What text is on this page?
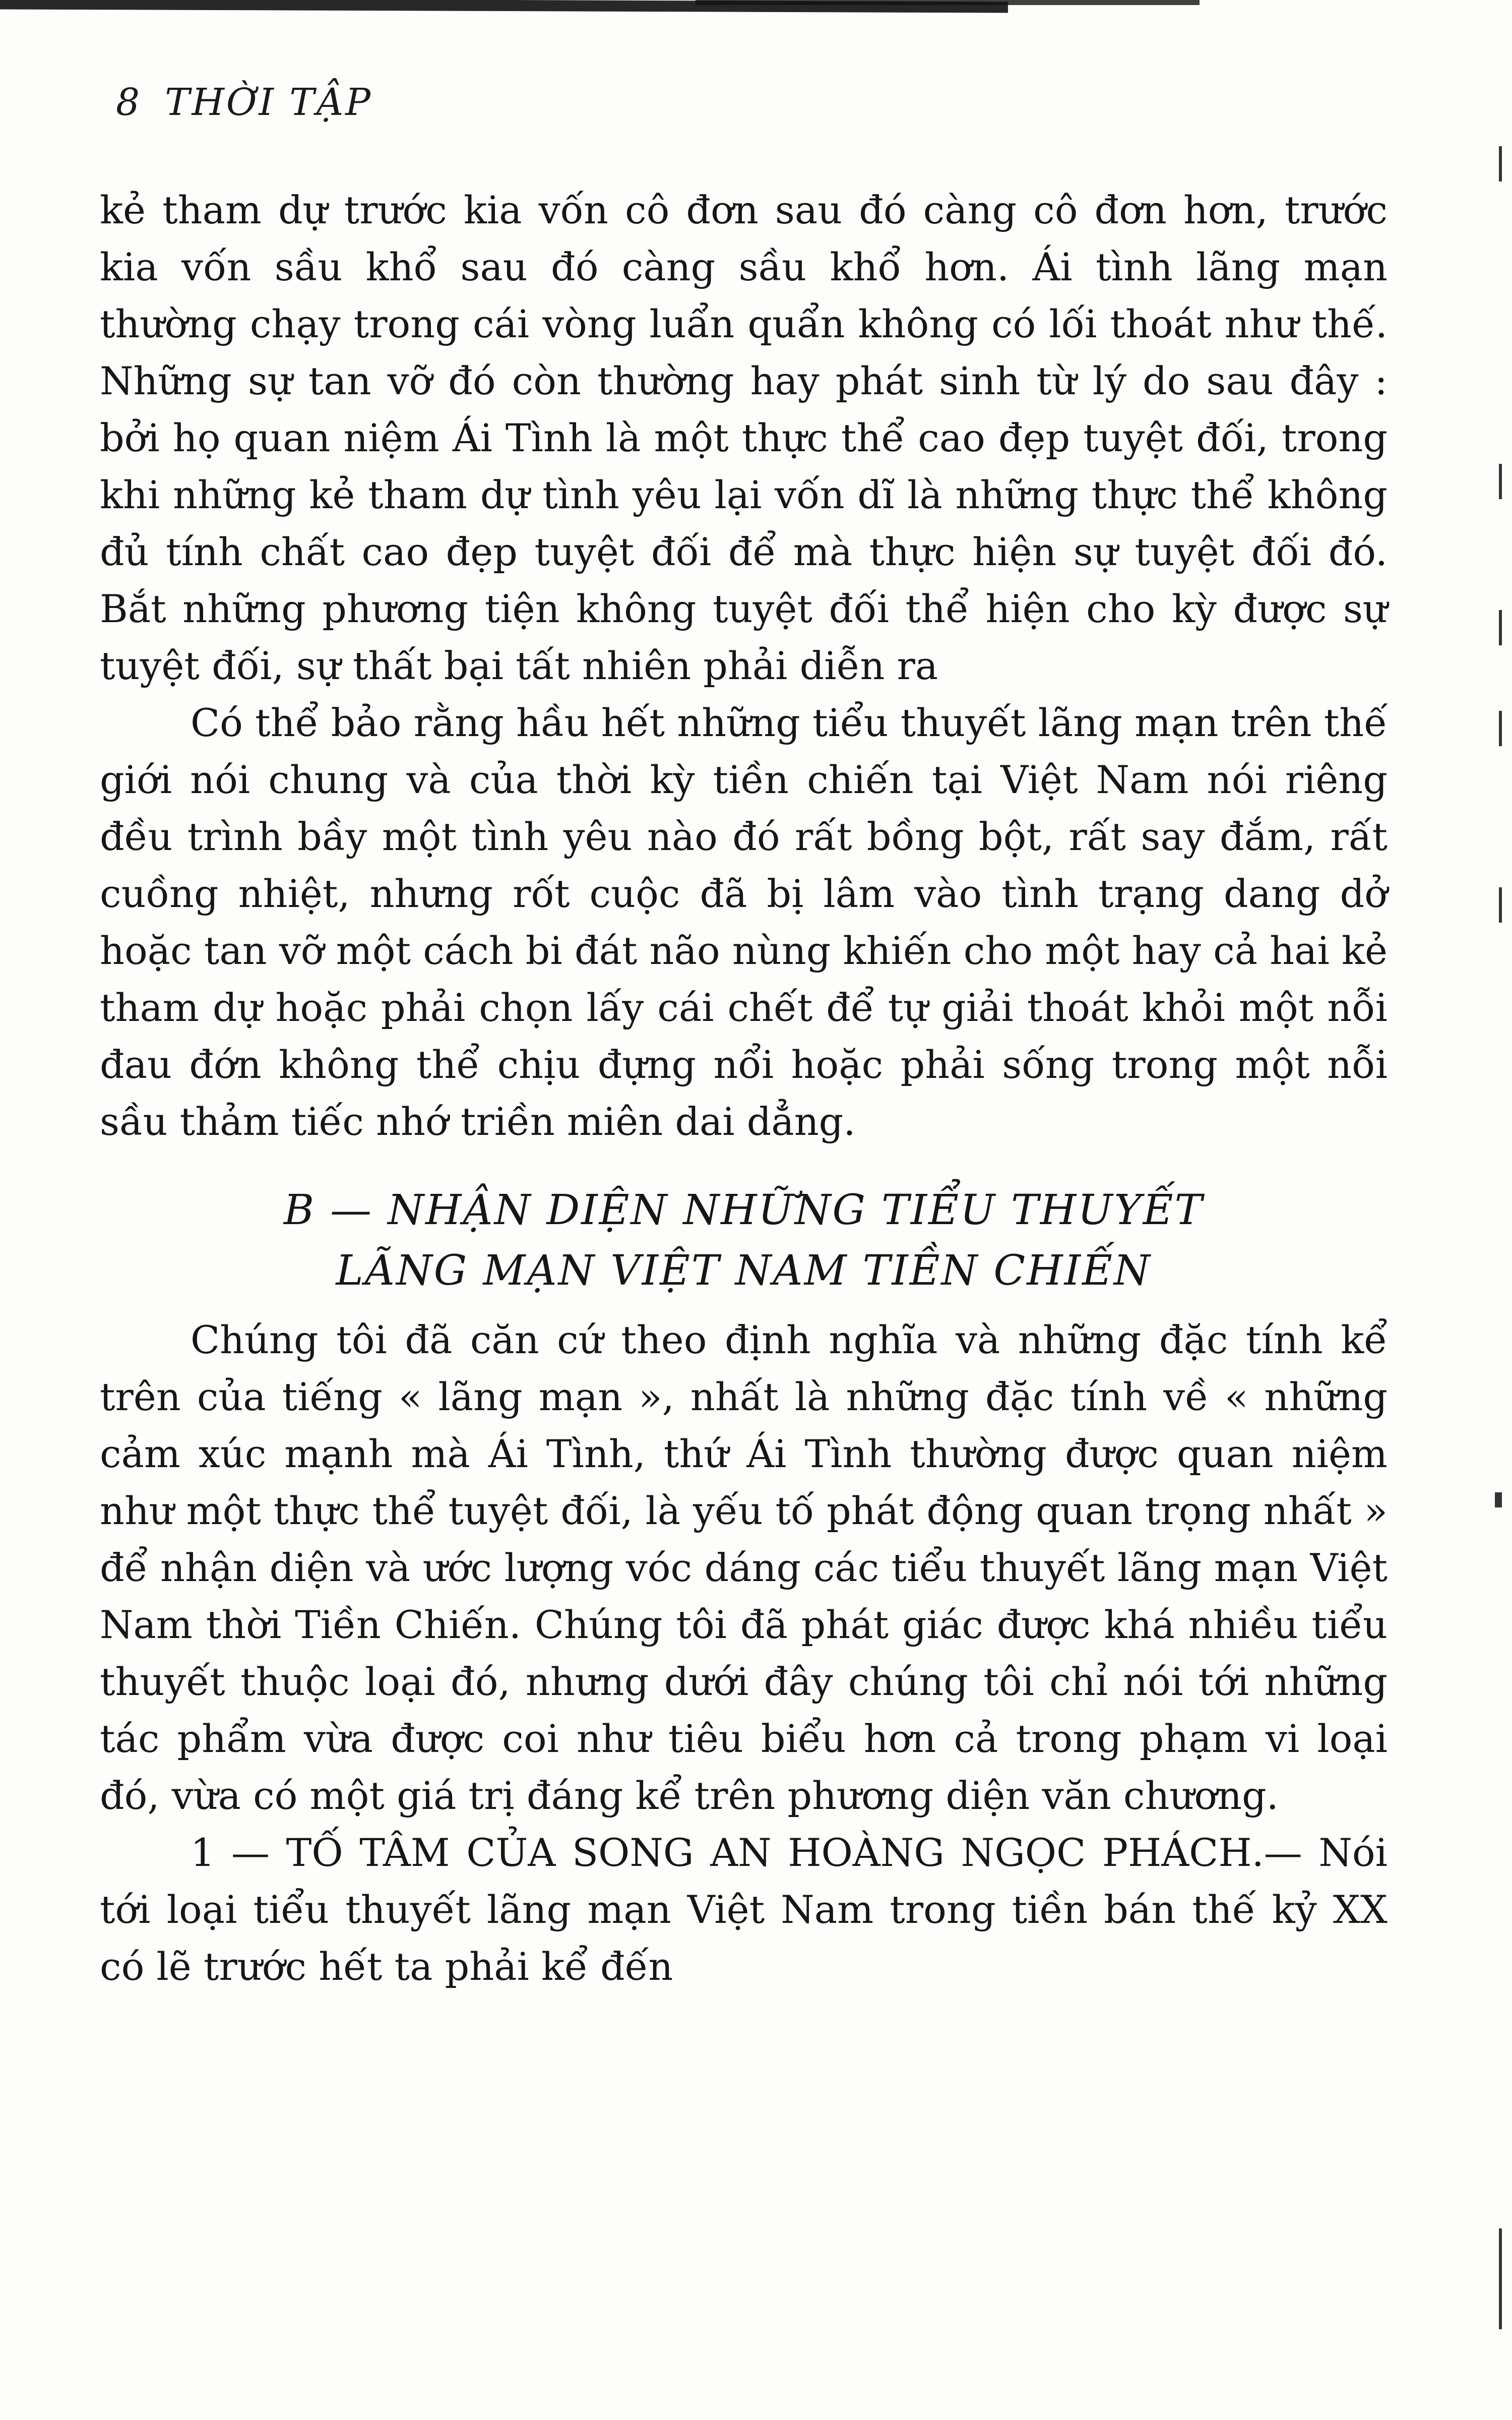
8 THỜI TẬP

kẻ tham dự trước kia vốn cô đơn sau đó càng cô đơn hơn, trước kia vốn sầu khổ sau đó càng sầu khổ hơn. Ái tình lãng mạn thường chạy trong cái vòng luẩn quẩn không có lối thoát như thế. Những sự tan vỡ đó còn thường hay phát sinh từ lý do sau đây : bởi họ quan niệm Ái Tình là một thực thể cao đẹp tuyệt đối, trong khi những kẻ tham dự tình yêu lại vốn dĩ là những thực thể không đủ tính chất cao đẹp tuyệt đối để mà thực hiện sự tuyệt đối đó. Bắt những phương tiện không tuyệt đối thể hiện cho kỳ được sự tuyệt đối, sự thất bại tất nhiên phải diễn ra

Có thể bảo rằng hầu hết những tiểu thuyết lãng mạn trên thế giới nói chung và của thời kỳ tiền chiến tại Việt Nam nói riêng đều trình bầy một tình yêu nào đó rất bồng bột, rất say đắm, rất cuồng nhiệt, nhưng rốt cuộc đã bị lâm vào tình trạng dang dở hoặc tan vỡ một cách bi đát não nùng khiến cho một hay cả hai kẻ tham dự hoặc phải chọn lấy cái chết để tự giải thoát khỏi một nỗi đau đớn không thể chịu đựng nổi hoặc phải sống trong một nỗi sầu thảm tiếc nhớ triền miên dai dẳng.

B — NHẬN DIỆN NHỮNG TIỂU THUYẾT
LÃNG MẠN VIỆT NAM TIỀN CHIẾN

Chúng tôi đã căn cứ theo định nghĩa và những đặc tính kể trên của tiếng « lãng mạn », nhất là những đặc tính về « những cảm xúc mạnh mà Ái Tình, thứ Ái Tình thường được quan niệm như một thực thể tuyệt đối, là yếu tố phát động quan trọng nhất » để nhận diện và ước lượng vóc dáng các tiểu thuyết lãng mạn Việt Nam thời Tiền Chiến. Chúng tôi đã phát giác được khá nhiều tiểu thuyết thuộc loại đó, nhưng dưới đây chúng tôi chỉ nói tới những tác phẩm vừa được coi như tiêu biểu hơn cả trong phạm vi loại đó, vừa có một giá trị đáng kể trên phương diện văn chương.

1 — TỐ TÂM CỦA SONG AN HOÀNG NGỌC PHÁCH.— Nói tới loại tiểu thuyết lãng mạn Việt Nam trong tiền bán thế kỷ XX có lẽ trước hết ta phải kể đến
